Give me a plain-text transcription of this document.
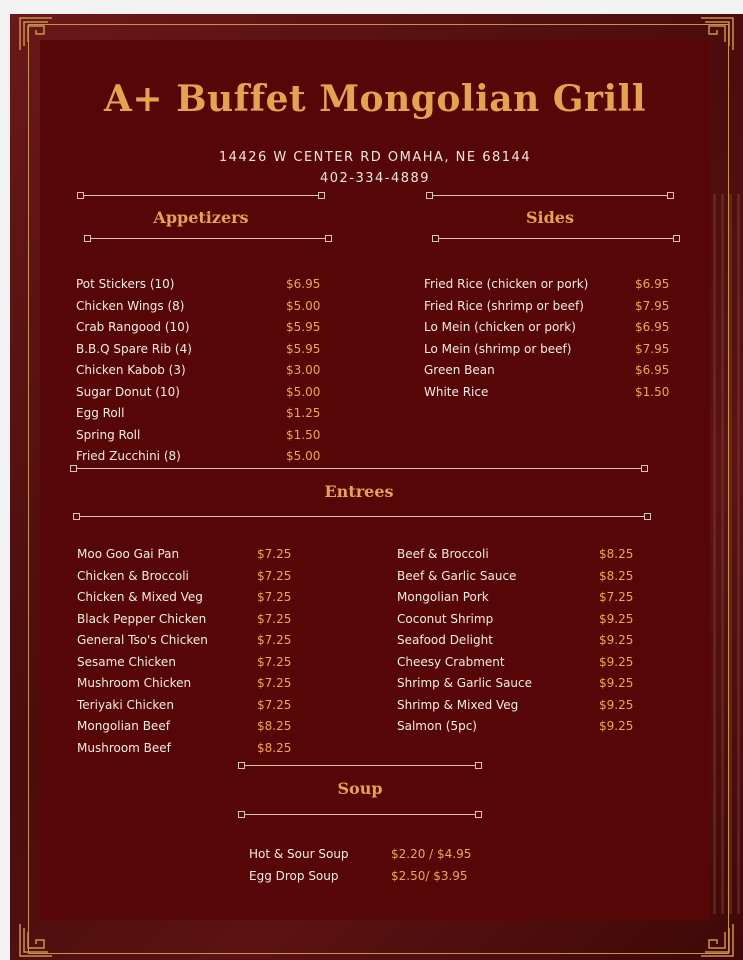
A+ Buffet Mongolian Grill
14426 W CENTER RD OMAHA, NE 68144
402-334-4889
Appetizers
Pot Stickers (10)	$6.95
Chicken Wings (8)	$5.00
Crab Rangood (10)	$5.95
B.B.Q Spare Rib (4)	$5.95
Chicken Kabob (3)	$3.00
Sugar Donut (10)	$5.00
Egg Roll	$1.25
Spring Roll	$1.50
Fried Zucchini (8)	$5.00
Sides
Fried Rice (chicken or pork)	$6.95
Fried Rice (shrimp or beef)	$7.95
Lo Mein (chicken or pork)	$6.95
Lo Mein (shrimp or beef)	$7.95
Green Bean	$6.95
White Rice	$1.50
Entrees
Moo Goo Gai Pan	$7.25
Chicken & Broccoli	$7.25
Chicken & Mixed Veg	$7.25
Black Pepper Chicken	$7.25
General Tso's Chicken	$7.25
Sesame Chicken	$7.25
Mushroom Chicken	$7.25
Teriyaki Chicken	$7.25
Mongolian Beef	$8.25
Mushroom Beef	$8.25
Beef & Broccoli	$8.25
Beef & Garlic Sauce	$8.25
Mongolian Pork	$7.25
Coconut Shrimp	$9.25
Seafood Delight	$9.25
Cheesy Crabment	$9.25
Shrimp & Garlic Sauce	$9.25
Shrimp & Mixed Veg	$9.25
Salmon (5pc)	$9.25
Soup
Hot & Sour Soup	$2.20 / $4.95
Egg Drop Soup	$2.50/ $3.95
